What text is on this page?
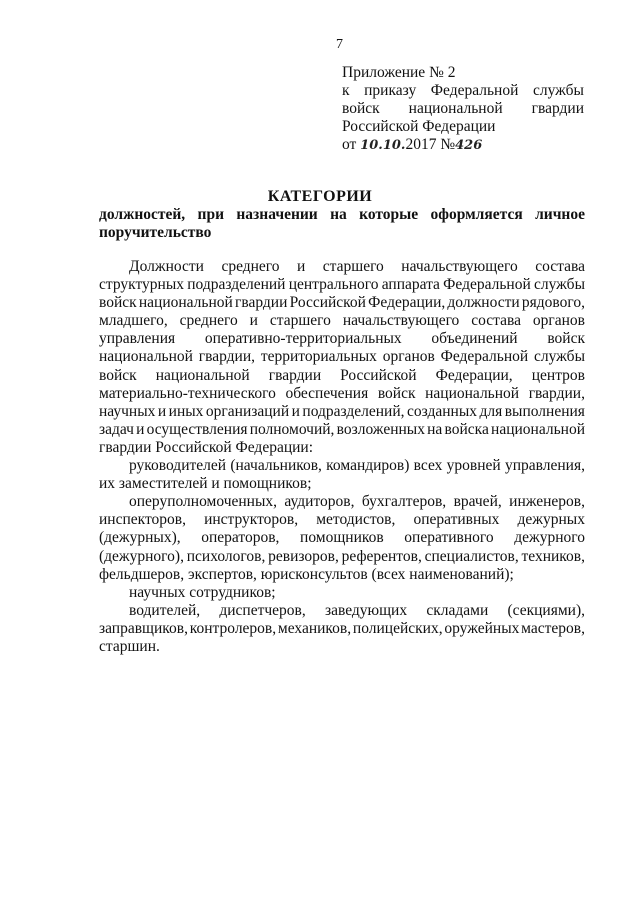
7
Приложение № 2
к приказу Федеральной службы
войск национальной гвардии
Российской Федерации
от 10.10.2017 №426
КАТЕГОРИИ
должностей, при назначении на которые оформляется личное
поручительство
Должности среднего и старшего начальствующего состава
структурных подразделений центрального аппарата Федеральной службы
войск национальной гвардии Российской Федерации, должности рядового,
младшего, среднего и старшего начальствующего состава органов
управления оперативно-территориальных объединений войск
национальной гвардии, территориальных органов Федеральной службы
войск национальной гвардии Российской Федерации, центров
материально-технического обеспечения войск национальной гвардии,
научных и иных организаций и подразделений, созданных для выполнения
задач и осуществления полномочий, возложенных на войска национальной
гвардии Российской Федерации:
руководителей (начальников, командиров) всех уровней управления,
их заместителей и помощников;
оперуполномоченных, аудиторов, бухгалтеров, врачей, инженеров,
инспекторов, инструкторов, методистов, оперативных дежурных
(дежурных), операторов, помощников оперативного дежурного
(дежурного), психологов, ревизоров, референтов, специалистов, техников,
фельдшеров, экспертов, юрисконсультов (всех наименований);
научных сотрудников;
водителей, диспетчеров, заведующих складами (секциями),
заправщиков, контролеров, механиков, полицейских, оружейных мастеров,
старшин.
